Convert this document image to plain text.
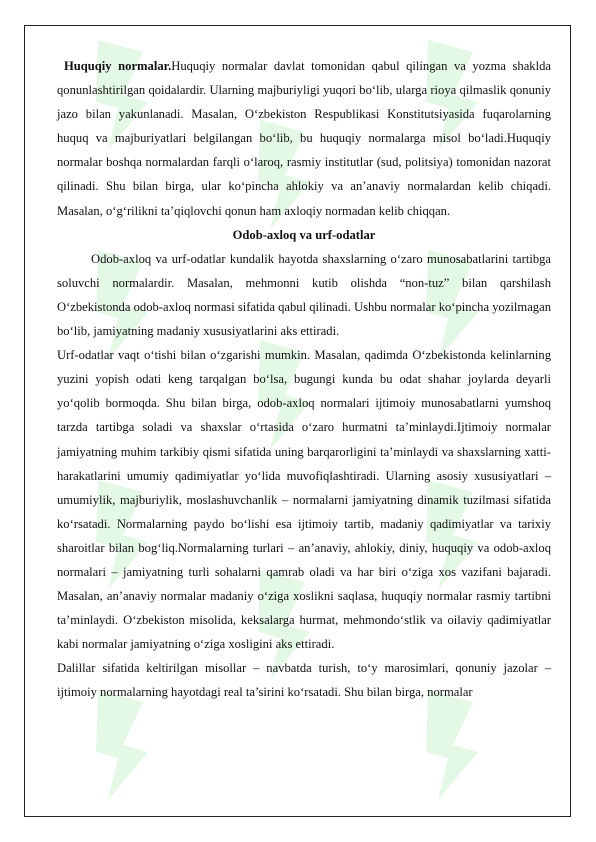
Huquqiy normalar.Huquqiy normalar davlat tomonidan qabul qilingan va yozma shaklda qonunlashtirilgan qoidalardir. Ularning majburiyligi yuqori bo‘lib, ularga rioya qilmaslik qonuniy jazo bilan yakunlanadi. Masalan, O‘zbekiston Respublikasi Konstitutsiyasida fuqarolarning huquq va majburiyatlari belgilangan bo‘lib, bu huquqiy normalarga misol bo‘ladi.Huquqiy normalar boshqa normalardan farqli o‘laroq, rasmiy institutlar (sud, politsiya) tomonidan nazorat qilinadi. Shu bilan birga, ular ko‘pincha ahlokiy va an’anaviy normalardan kelib chiqadi. Masalan, o‘g‘rilikni ta’qiqlovchi qonun ham axloqiy normadan kelib chiqqan.

Odob-axloq va urf-odatlar

Odob-axloq va urf-odatlar kundalik hayotda shaxslarning o‘zaro munosabatlarini tartibga soluvchi normalardir. Masalan, mehmonni kutib olishda “non-tuz” bilan qarshilash O‘zbekistonda odob-axloq normasi sifatida qabul qilinadi. Ushbu normalar ko‘pincha yozilmagan bo‘lib, jamiyatning madaniy xususiyatlarini aks ettiradi.

Urf-odatlar vaqt o‘tishi bilan o‘zgarishi mumkin. Masalan, qadimda O‘zbekistonda kelinlarning yuzini yopish odati keng tarqalgan bo‘lsa, bugungi kunda bu odat shahar joylarda deyarli yo‘qolib bormoqda. Shu bilan birga, odob-axloq normalari ijtimoiy munosabatlarni yumshoq tarzda tartibga soladi va shaxslar o‘rtasida o‘zaro hurmatni ta’minlaydi.Ijtimoiy normalar jamiyatning muhim tarkibiy qismi sifatida uning barqarorligini ta’minlaydi va shaxslarning xatti-harakatlarini umumiy qadimiyatlar yo‘lida muvofiqlashtiradi. Ularning asosiy xususiyatlari – umumiylik, majburiylik, moslashuvchanlik – normalarni jamiyatning dinamik tuzilmasi sifatida ko‘rsatadi. Normalarning paydo bo‘lishi esa ijtimoiy tartib, madaniy qadimiyatlar va tarixiy sharoitlar bilan bog‘liq.Normalarning turlari – an’anaviy, ahlokiy, diniy, huquqiy va odob-axloq normalari – jamiyatning turli sohalarni qamrab oladi va har biri o‘ziga xos vazifani bajaradi. Masalan, an’anaviy normalar madaniy o‘ziga xoslikni saqlasa, huquqiy normalar rasmiy tartibni ta’minlaydi. O‘zbekiston misolida, keksalarga hurmat, mehmondo‘stlik va oilaviy qadimiyatlar kabi normalar jamiyatning o‘ziga xosligini aks ettiradi.

Dalillar sifatida keltirilgan misollar – navbatda turish, to‘y marosimlari, qonuniy jazolar – ijtimoiy normalarning hayotdagi real ta’sirini ko‘rsatadi. Shu bilan birga, normalar
